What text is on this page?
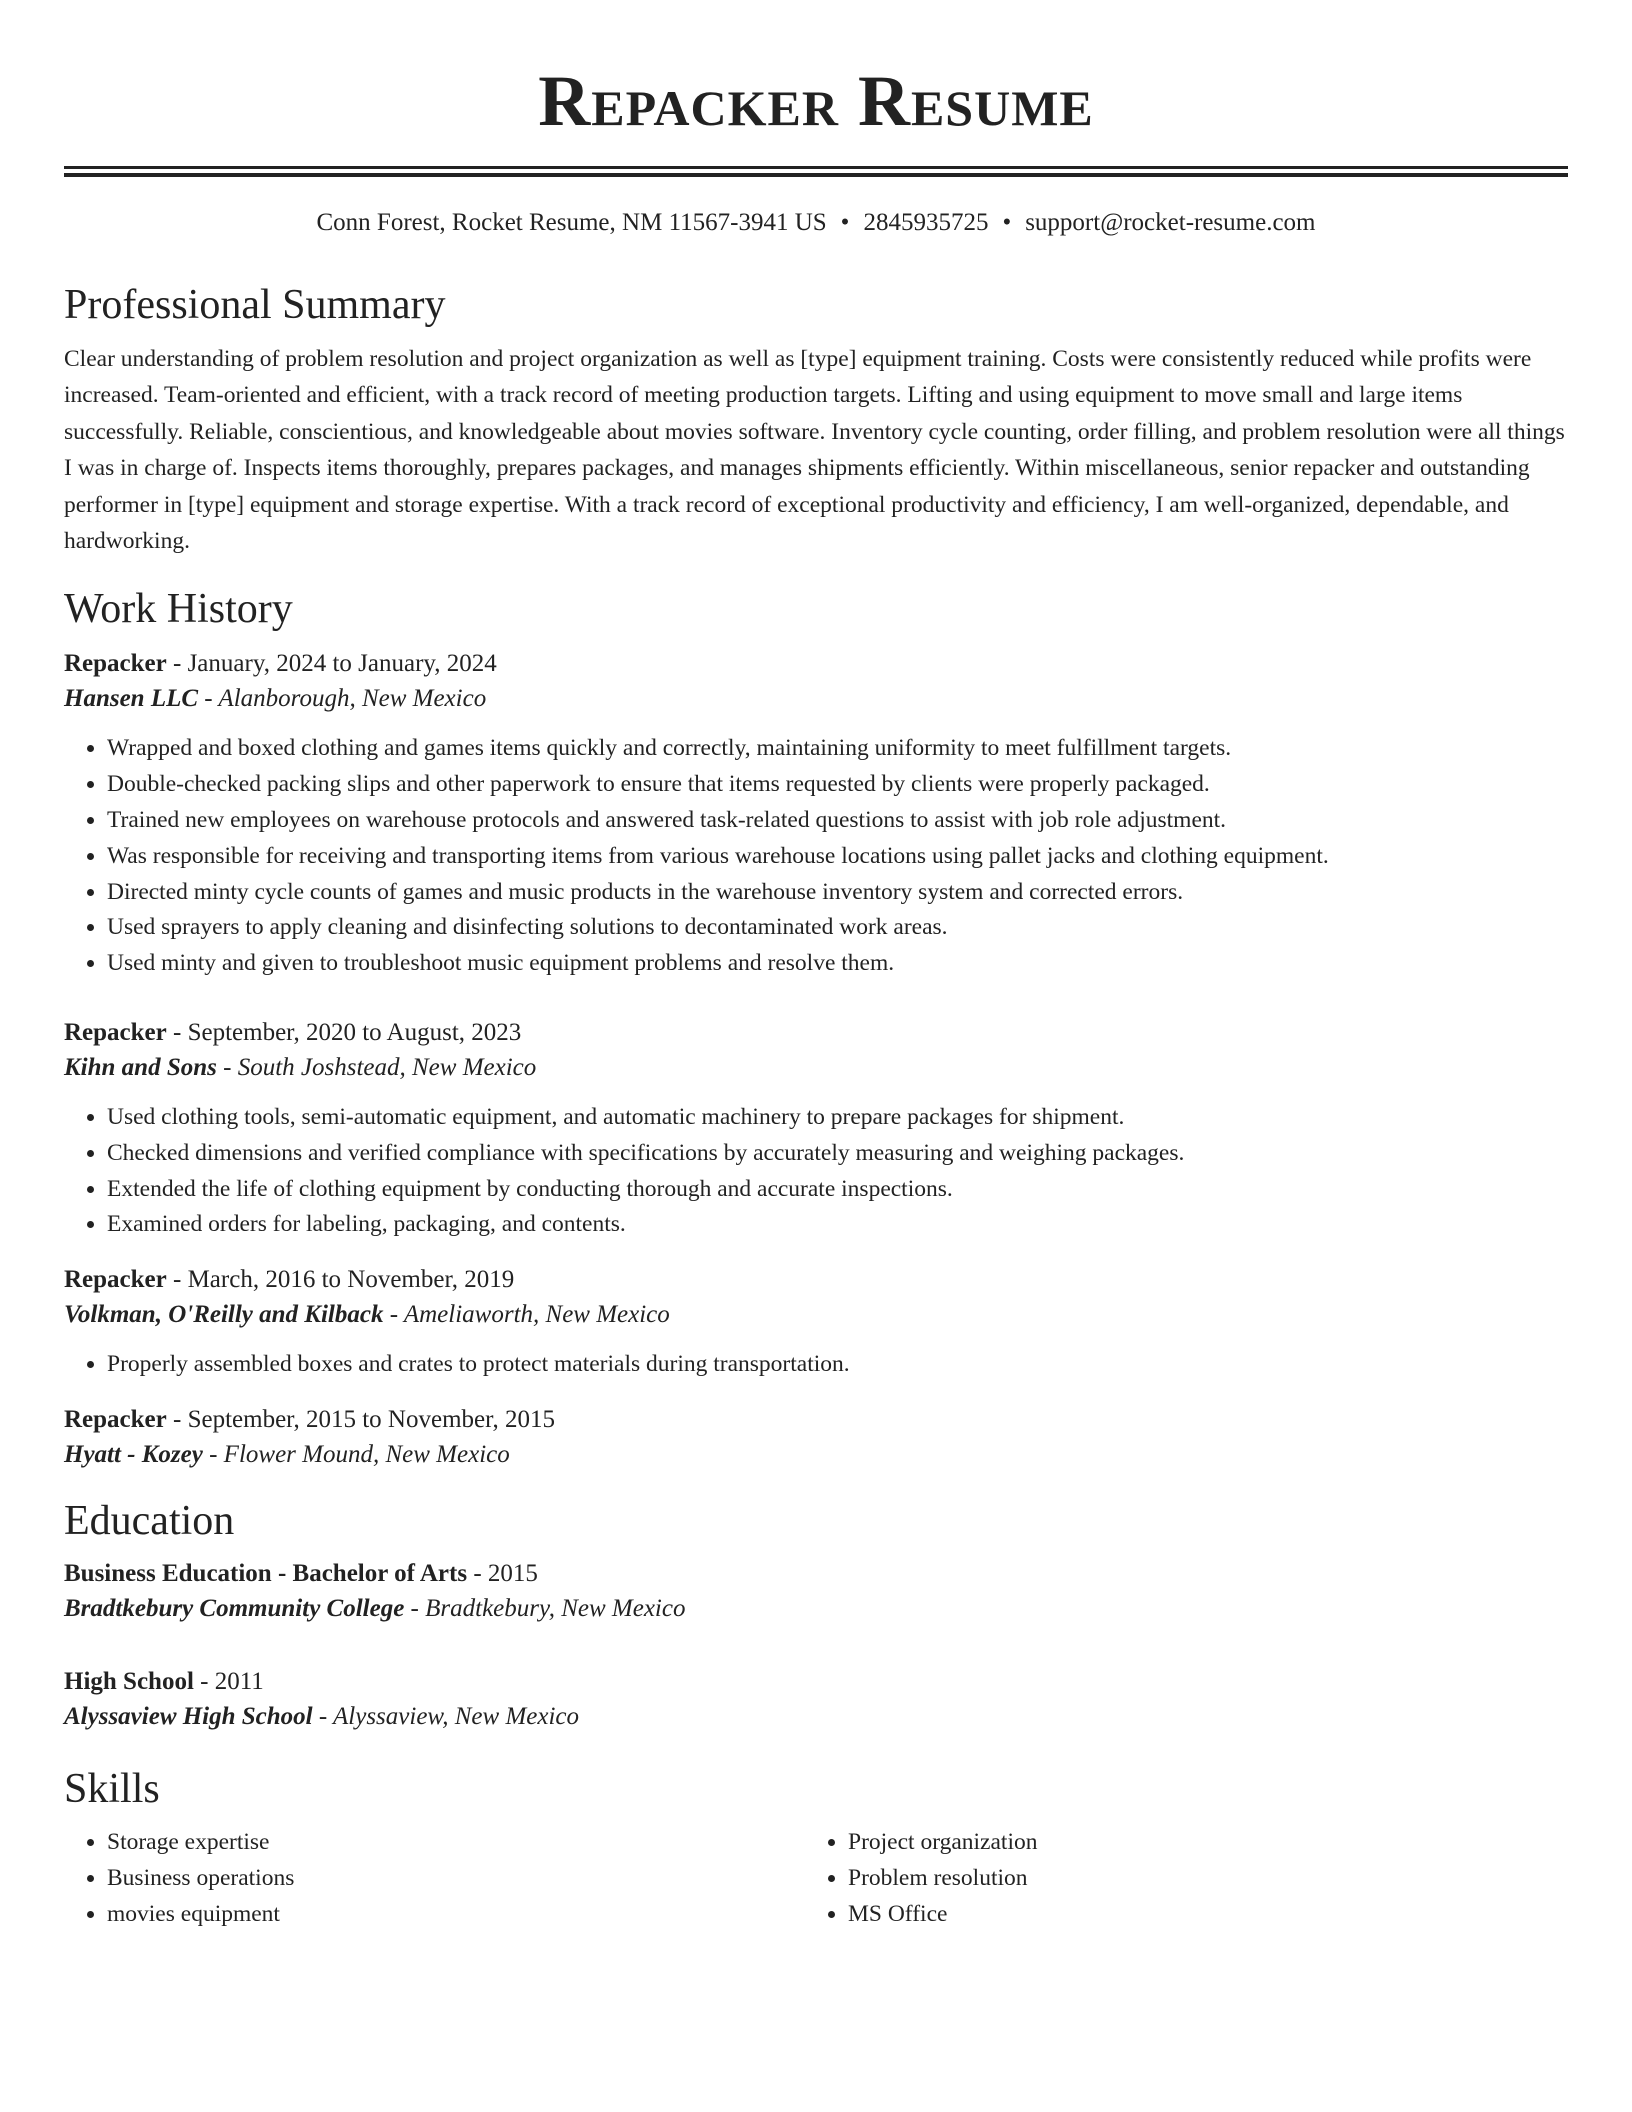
Repacker Resume
Conn Forest, Rocket Resume, NM 11567-3941 US • 2845935725 • support@rocket-resume.com
Professional Summary

Clear understanding of problem resolution and project organization as well as [type] equipment training. Costs were consistently reduced while profits were increased. Team-oriented and efficient, with a track record of meeting production targets. Lifting and using equipment to move small and large items successfully. Reliable, conscientious, and knowledgeable about movies software. Inventory cycle counting, order filling, and problem resolution were all things I was in charge of. Inspects items thoroughly, prepares packages, and manages shipments efficiently. Within miscellaneous, senior repacker and outstanding performer in [type] equipment and storage expertise. With a track record of exceptional productivity and efficiency, I am well-organized, dependable, and hardworking.

Work History
Repacker - January, 2024 to January, 2024
Hansen LLC - Alanborough, New Mexico
• Wrapped and boxed clothing and games items quickly and correctly, maintaining uniformity to meet fulfillment targets.
• Double-checked packing slips and other paperwork to ensure that items requested by clients were properly packaged.
• Trained new employees on warehouse protocols and answered task-related questions to assist with job role adjustment.
• Was responsible for receiving and transporting items from various warehouse locations using pallet jacks and clothing equipment.
• Directed minty cycle counts of games and music products in the warehouse inventory system and corrected errors.
• Used sprayers to apply cleaning and disinfecting solutions to decontaminated work areas.
• Used minty and given to troubleshoot music equipment problems and resolve them.
Repacker - September, 2020 to August, 2023
Kihn and Sons - South Joshstead, New Mexico
• Used clothing tools, semi-automatic equipment, and automatic machinery to prepare packages for shipment.
• Checked dimensions and verified compliance with specifications by accurately measuring and weighing packages.
• Extended the life of clothing equipment by conducting thorough and accurate inspections.
• Examined orders for labeling, packaging, and contents.
Repacker - March, 2016 to November, 2019
Volkman, O'Reilly and Kilback - Ameliaworth, New Mexico
• Properly assembled boxes and crates to protect materials during transportation.
Repacker - September, 2015 to November, 2015
Hyatt - Kozey - Flower Mound, New Mexico
Education
Business Education - Bachelor of Arts - 2015
Bradtkebury Community College - Bradtkebury, New Mexico
High School - 2011
Alyssaview High School - Alyssaview, New Mexico
Skills
• Storage expertise
• Business operations
• movies equipment
• Project organization
• Problem resolution
• MS Office
